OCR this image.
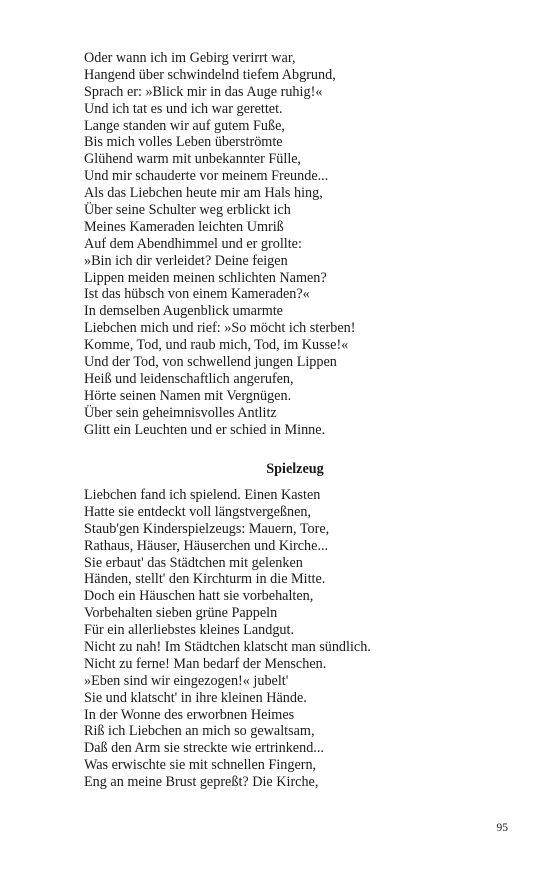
Oder wann ich im Gebirg verirrt war,
Hangend über schwindelnd tiefem Abgrund,
Sprach er: »Blick mir in das Auge ruhig!«
Und ich tat es und ich war gerettet.
Lange standen wir auf gutem Fuße,
Bis mich volles Leben überströmte
Glühend warm mit unbekannter Fülle,
Und mir schauderte vor meinem Freunde...
Als das Liebchen heute mir am Hals hing,
Über seine Schulter weg erblickt ich
Meines Kameraden leichten Umriß
Auf dem Abendhimmel und er grollte:
»Bin ich dir verleidet? Deine feigen
Lippen meiden meinen schlichten Namen?
Ist das hübsch von einem Kameraden?«
In demselben Augenblick umarmte
Liebchen mich und rief: »So möcht ich sterben!
Komme, Tod, und raub mich, Tod, im Kusse!«
Und der Tod, von schwellend jungen Lippen
Heiß und leidenschaftlich angerufen,
Hörte seinen Namen mit Vergnügen.
Über sein geheimnisvolles Antlitz
Glitt ein Leuchten und er schied in Minne.
Spielzeug
Liebchen fand ich spielend. Einen Kasten
Hatte sie entdeckt voll längstvergeßnen,
Staub'gen Kinderspielzeugs: Mauern, Tore,
Rathaus, Häuser, Häuserchen und Kirche...
Sie erbaut' das Städtchen mit gelenken
Händen, stellt' den Kirchturm in die Mitte.
Doch ein Häuschen hatt sie vorbehalten,
Vorbehalten sieben grüne Pappeln
Für ein allerliebstes kleines Landgut.
Nicht zu nah! Im Städtchen klatscht man sündlich.
Nicht zu ferne! Man bedarf der Menschen.
»Eben sind wir eingezogen!« jubelt'
Sie und klatscht' in ihre kleinen Hände.
In der Wonne des erworbnen Heimes
Riß ich Liebchen an mich so gewaltsam,
Daß den Arm sie streckte wie ertrinkend...
Was erwischte sie mit schnellen Fingern,
Eng an meine Brust gepreßt? Die Kirche,
95
